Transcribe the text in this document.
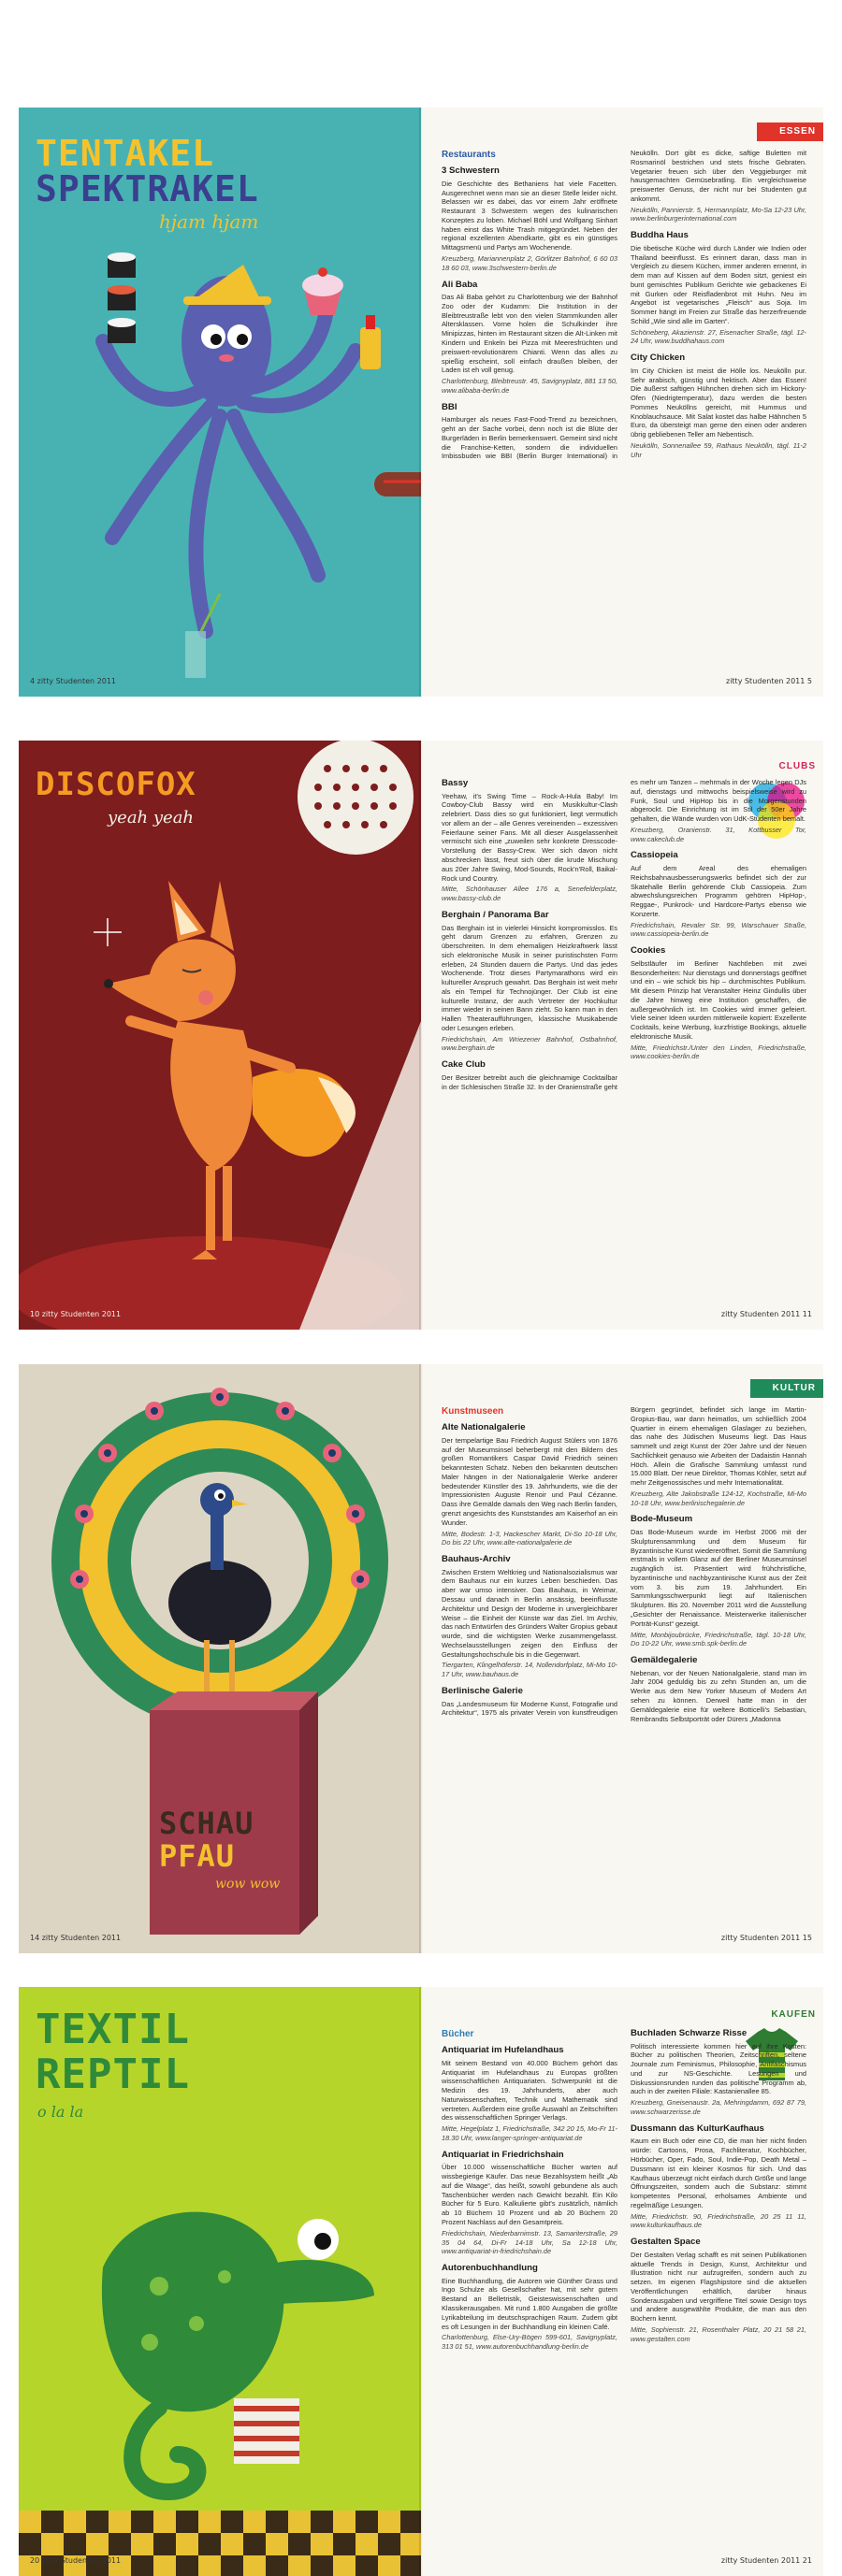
TENTAKEL
SPEKTRAKEL

hjam hjam

4 zitty Studenten 2011
ESSEN
Restaurants
3 Schwestern

Die Geschichte des Bethaniens hat viele Facetten. Ausgerechnet wenn man sie an dieser Stelle leider nicht. Belassen wir es dabei, das vor einem Jahr eröffnete Restaurant 3 Schwestern wegen des kulinarischen Konzeptes zu loben. Michael Böhl und Wolfgang Sinhart haben einst das White Trash mitgegründet. Neben der regional exzellenten Abendkarte, gibt es ein günstiges Mittagsmenü und Partys am Wochenende.

Kreuzberg, Mariannenplatz 2, Görlitzer Bahnhof, 6 60 03 18 60 03, www.3schwestern-berlin.de

Ali Baba

Das Ali Baba gehört zu Charlottenburg wie der Bahnhof Zoo oder der Kudamm: Die Institution in der Bleibtreustraße lebt von den vielen Stammkunden aller Altersklassen. Vorne holen die Schulkinder ihre Minipizzas, hinten im Restaurant sitzen die Alt-Linken mit Kindern und Enkeln bei Pizza mit Meeresfrüchten und preiswert-revolutionärem Chianti. Wenn das alles zu spießig erscheint, soll einfach draußen bleiben, der Laden ist eh voll genug.

Charlottenburg, Bleibtreustr. 45, Savignyplatz, 881 13 50, www.alibaba-berlin.de

BBI

Hamburger als neues Fast-Food-Trend zu bezeichnen, geht an der Sache vorbei, denn noch ist die Blüte der Burgerläden in Berlin bemerkenswert. Gemeint sind nicht die Franchise-Ketten, sondern die individuellen Imbissbuden wie BBI (Berlin Burger International) in Neukölln. Dort gibt es dicke, saftige Buletten mit Rosmarinöl bestrichen und stets frische Gebraten. Vegetarier freuen sich über den Veggieburger mit hausgemachten Gemüsebratling. Ein vergleichsweise preiswerter Genuss, der nicht nur bei Studenten gut ankommt.

Neukölln, Pannierstr. 5, Hermannplatz, Mo-Sa 12-23 Uhr, www.berlinburgerinternational.com

Buddha Haus

Die tibetische Küche wird durch Länder wie Indien oder Thailand beeinflusst. Es erinnert daran, dass man in Vergleich zu diesem Küchen, immer anderen ernennt, in dem man auf Kissen auf dem Boden sitzt, geniest ein bunt gemischtes Publikum Gerichte wie gebackenes Ei mit Gurken oder Reisfladenbrot mit Huhn. Neu im Angebot ist vegetarisches „Fleisch“ aus Soja. Im Sommer hängt im Freien zur Straße das herzerfreuende Schild „Wie sind alle im Garten“.

Schöneberg, Akazienstr. 27, Eisenacher Straße, tägl. 12-24 Uhr, www.buddhahaus.com

City Chicken

Im City Chicken ist meist die Hölle los. Neukölln pur. Sehr arabisch, günstig und hektisch. Aber das Essen! Die äußerst saftigen Hühnchen drehen sich im Hickory-Ofen (Niedrigtemperatur), dazu werden die besten Pommes Neuköllns gereicht, mit Hummus und Knoblauchsauce. Mit Salat kostet das halbe Hähnchen 5 Euro, da übersteigt man gerne den einen oder anderen übrig gebliebenen Teller am Nebentisch.

Neukölln, Sonnenallee 59, Rathaus Neukölln, tägl. 11-2 Uhr

zitty Studenten 2011 5
DISCOFOX

yeah yeah

10 zitty Studenten 2011
CLUBS
Bassy

Yeehaw, it's Swing Time – Rock-A-Hula Baby! Im Cowboy-Club Bassy wird ein Musikkultur-Clash zelebriert. Dass dies so gut funktioniert, liegt vermutlich vor allem an der – alle Genres vereinenden – exzessiven Feierlaune seiner Fans. Mit all dieser Ausgelassenheit vermischt sich eine „zuweilen sehr konkrete Dresscode-Vorstellung der Bassy-Crew. Wer sich davon nicht abschrecken lässt, freut sich über die krude Mischung aus 20er Jahre Swing, Mod-Sounds, Rock'n'Roll, Baikal-Rock und Country.

Mitte, Schönhauser Allee 176 a, Senefelderplatz, www.bassy-club.de

Berghain / Panorama Bar

Das Berghain ist in vielerlei Hinsicht kompromisslos. Es geht darum Grenzen zu erfahren, Grenzen zu überschreiten. In dem ehemaligen Heizkraftwerk lässt sich elektronische Musik in seiner puristischsten Form erleben, 24 Stunden dauern die Partys. Und das jedes Wochenende. Trotz dieses Partymarathons wird ein kultureller Anspruch gewahrt. Das Berghain ist weit mehr als ein Tempel für Technojünger. Der Club ist eine kulturelle Instanz, der auch Vertreter der Hochkultur immer wieder in seinen Bann zieht. So kann man in den Hallen Theateraufführungen, klassische Musikabende oder Lesungen erleben.

Friedrichshain, Am Wriezener Bahnhof, Ostbahnhof, www.berghain.de

Cake Club

Der Besitzer betreibt auch die gleichnamige Cocktailbar in der Schlesischen Straße 32. In der Oranienstraße geht es mehr um Tanzen – mehrmals in der Woche legen DJs auf, dienstags und mittwochs beispielsweise wird zu Funk, Soul und HipHop bis in die Morgenstunden abgerockt. Die Einrichtung ist im Stil der 50er Jahre gehalten, die Wände wurden von UdK-Studenten bemalt.

Kreuzberg, Oranienstr. 31, Kottbusser Tor, www.cakeclub.de

Cassiopeia

Auf dem Areal des ehemaligen Reichsbahnausbesserungswerks befindet sich der zur Skatehalle Berlin gehörende Club Cassiopeia. Zum abwechslungsreichen Programm gehören HipHop-, Reggae-, Punkrock- und Hardcore-Partys ebenso wie Konzerte.

Friedrichshain, Revaler Str. 99, Warschauer Straße, www.cassiopeia-berlin.de

Cookies

Selbstläufer im Berliner Nachtleben mit zwei Besonderheiten: Nur dienstags und donnerstags geöffnet und ein – wie schick bis hip – durchmischtes Publikum. Mit diesem Prinzip hat Veranstalter Heinz Gindullis über die Jahre hinweg eine Institution geschaffen, die außergewöhnlich ist. Im Cookies wird immer gefeiert. Viele seiner Ideen wurden mittlerweile kopiert: Exzellente Cocktails, keine Werbung, kurzfristige Bookings, aktuelle elektronische Musik.

Mitte, Friedrichstr./Unter den Linden, Friedrichstraße, www.cookies-berlin.de

zitty Studenten 2011 11
SCHAU
PFAU

wow wow

14 zitty Studenten 2011
KULTUR
Kunstmuseen
Alte Nationalgalerie

Der tempelartige Bau Friedrich August Stülers von 1876 auf der Museumsinsel beherbergt mit den Bildern des großen Romantikers Caspar David Friedrich seinen bekanntesten Schatz. Neben den bekannten deutschen Maler hängen in der Nationalgalerie Werke anderer bedeutender Künstler des 19. Jahrhunderts, wie die der Impressionisten Auguste Renoir und Paul Cézanne. Dass ihre Gemälde damals den Weg nach Berlin fanden, grenzt angesichts des Kunststandes am Kaiserhof an ein Wunder.

Mitte, Bodestr. 1-3, Hackescher Markt, Di-So 10-18 Uhr, Do bis 22 Uhr, www.alte-nationalgalerie.de

Bauhaus-Archiv

Zwischen Erstem Weltkrieg und Nationalsozialismus war dem Bauhaus nur ein kurzes Leben beschieden. Das aber war umso intensiver. Das Bauhaus, in Weimar, Dessau und danach in Berlin ansässig, beeinflusste Architektur und Design der Moderne in unvergleichbarer Weise – die Einheit der Künste war das Ziel. Im Archiv, das nach Entwürfen des Gründers Walter Gropius gebaut wurde, sind die wichtigsten Werke zusammengefasst. Wechselausstellungen zeigen den Einfluss der Gestaltungshochschule bis in die Gegenwart.

Tiergarten, Klingelhöferstr. 14, Nollendorfplatz, Mi-Mo 10-17 Uhr, www.bauhaus.de

Berlinische Galerie

Das „Landesmuseum für Moderne Kunst, Fotografie und Architektur“, 1975 als privater Verein von kunstfreudigen Bürgern gegründet, befindet sich lange im Martin-Gropius-Bau, war dann heimatlos, um schließlich 2004 Quartier in einem ehemaligen Glaslager zu beziehen, das nahe des Jüdischen Museums liegt. Das Haus sammelt und zeigt Kunst der 20er Jahre und der Neuen Sachlichkeit genauso wie Arbeiten der Dadaistin Hannah Höch. Allein die Grafische Sammlung umfasst rund 15.000 Blatt. Der neue Direktor, Thomas Köhler, setzt auf mehr Zeitgenossisches und mehr Internationalität.

Kreuzberg, Alte Jakobstraße 124-12, Kochstraße, Mi-Mo 10-18 Uhr, www.berlinischegalerie.de

Bode-Museum

Das Bode-Museum wurde im Herbst 2006 mit der Skulpturensammlung und dem Museum für Byzantinische Kunst wiedereröffnet. Somit die Sammlung erstmals in vollem Glanz auf der Berliner Museumsinsel zugänglich ist. Präsentiert wird frühchristliche, byzantinische und nachbyzantinische Kunst aus der Zeit vom 3. bis zum 19. Jahrhundert. Ein Sammlungsschwerpunkt liegt auf Italienischen Skulpturen. Bis 20. November 2011 wird die Ausstellung „Gesichter der Renaissance. Meisterwerke italienischer Porträt-Kunst“ gezeigt.

Mitte, Monbijoubrücke, Friedrichstraße, tägl. 10-18 Uhr, Do 10-22 Uhr, www.smb.spk-berlin.de

Gemäldegalerie

Nebenan, vor der Neuen Nationalgalerie, stand man im Jahr 2004 geduldig bis zu zehn Stunden an, um die Werke aus dem New Yorker Museum of Modern Art sehen zu können. Derweil hatte man in der Gemäldegalerie eine für weltere Botticelli's Sebastian, Rembrandts Selbstporträt oder Dürers „Madonna

zitty Studenten 2011 15
TEXTIL
REPTIL

o la la

20 zitty Studenten 2011
KAUFEN
Bücher
Antiquariat im Hufelandhaus

Mit seinem Bestand von 40.000 Büchern gehört das Antiquariat im Hufelandhaus zu Europas größten wissenschaftlichen Antiquariaten. Schwerpunkt ist die Medizin des 19. Jahrhunderts, aber auch Naturwissenschaften, Technik und Mathematik sind vertreten. Außerdem eine große Auswahl an Zeitschriften des wissenschaftlichen Springer Verlags.

Mitte, Hegelplatz 1, Friedrichstraße, 342 20 15, Mo-Fr 11-18.30 Uhr, www.langer-springer-antiquariat.de

Antiquariat in Friedrichshain

Über 10.000 wissenschaftliche Bücher warten auf wissbegierige Käufer. Das neue Bezahlsystem heißt „Ab auf die Waage“, das heißt, sowohl gebundene als auch Taschenbücher werden nach Gewicht bezahlt. Ein Kilo Bücher für 5 Euro. Kalkulierte gibt's zusätzlich, nämlich ab 10 Büchern 10 Prozent und ab 20 Büchern 20 Prozent Nachlass auf den Gesamtpreis.

Friedrichshain, Niederbarnimstr. 13, Samariterstraße, 29 35 04 64, Di-Fr 14-18 Uhr, Sa 12-18 Uhr, www.antiquariat-in-friedrichshain.de

Autorenbuchhandlung

Eine Buchhandlung, die Autoren wie Günther Grass und Ingo Schulze als Gesellschafter hat, mit sehr gutem Bestand an Belletristik, Geisteswissenschaften und Klassikerausgaben. Mit rund 1.800 Ausgaben die größte Lyrikabteilung im deutschsprachigen Raum. Zudem gibt es oft Lesungen in der Buchhandlung ein kleinen Café.

Charlottenburg, Else-Ury-Bögen 599-601, Savignyplatz, 313 01 51, www.autorenbuchhandlung-berlin.de

Buchladen Schwarze Risse

Politisch interessierte kommen hier auf ihre Kosten: Bücher zu politischen Theorien, Zeitschriften, seltene Journale zum Feminismus, Philosophie, Antifaschismus und zur NS-Geschichte. Lesungen und Diskussionsrunden runden das politische Programm ab, auch in der zweiten Filiale: Kastanienallee 85.

Kreuzberg, Gneisenaustr. 2a, Mehringdamm, 692 87 79, www.schwarzerisse.de

Dussmann das KulturKaufhaus

Kaum ein Buch oder eine CD, die man hier nicht finden würde: Cartoons, Prosa, Fachliteratur, Kochbücher, Hörbücher, Oper, Fado, Soul, Indie-Pop, Death Metal – Dussmann ist ein kleiner Kosmos für sich. Und das Kaufhaus überzeugt nicht einfach durch Größe und lange Öffnungszeiten, sondern auch die Substanz: stimmt kompetentes Personal, erholsames Ambiente und regelmäßige Lesungen.

Mitte, Friedrichstr. 90, Friedrichstraße, 20 25 11 11, www.kulturkaufhaus.de

Gestalten Space

Der Gestalten Verlag schafft es mit seinen Publikationen aktuelle Trends in Design, Kunst, Architektur und Illustration nicht nur aufzugreifen, sondern auch zu setzen. Im eigenen Flagshipstore sind die aktuellen Veröffentlichungen erhältlich, darüber hinaus Sonderausgaben und vergriffene Titel sowie Design toys und andere ausgewählte Produkte, die man aus den Büchern kennt.

Mitte, Sophienstr. 21, Rosenthaler Platz, 20 21 58 21, www.gestalten.com

zitty Studenten 2011 21
